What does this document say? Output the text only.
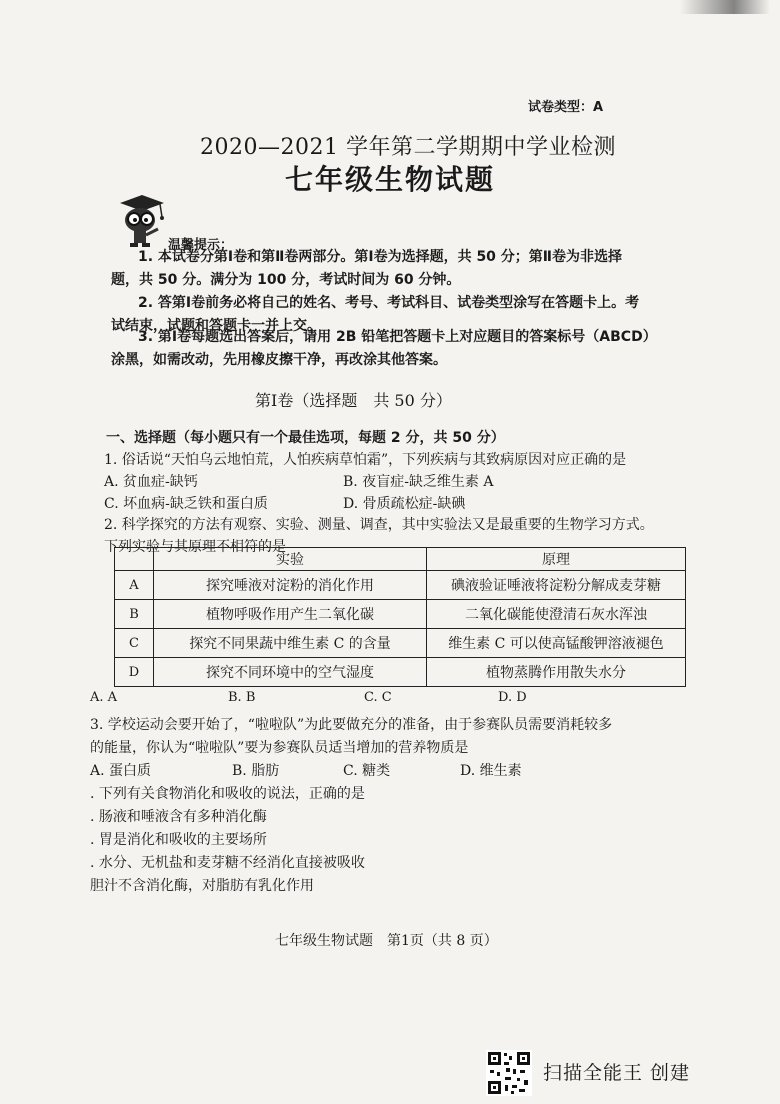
试卷类型：A
2020—2021 学年第二学期期中学业检测
七年级生物试题
温馨提示：
1. 本试卷分第Ⅰ卷和第Ⅱ卷两部分。第Ⅰ卷为选择题，共 50 分；第Ⅱ卷为非选择
题，共 50 分。满分为 100 分，考试时间为 60 分钟。
2. 答第Ⅰ卷前务必将自己的姓名、考号、考试科目、试卷类型涂写在答题卡上。考
试结束，试题和答题卡一并上交。
3. 第Ⅰ卷每题选出答案后，请用 2B 铅笔把答题卡上对应题目的答案标号（ABCD）
涂黑，如需改动，先用橡皮擦干净，再改涂其他答案。
第Ⅰ卷（选择题　共 50 分）
一、选择题（每小题只有一个最佳选项，每题 2 分，共 50 分）
1. 俗话说“天怕乌云地怕荒，人怕疾病草怕霜”，下列疾病与其致病原因对应正确的是
A. 贫血症-缺钙	B. 夜盲症-缺乏维生素 A
C. 坏血病-缺乏铁和蛋白质	D. 骨质疏松症-缺碘
2. 科学探究的方法有观察、实验、测量、调查，其中实验法又是最重要的生物学习方式。
下列实验与其原理不相符的是
	实验	原理
A	探究唾液对淀粉的消化作用	碘液验证唾液将淀粉分解成麦芽糖
B	植物呼吸作用产生二氧化碳	二氧化碳能使澄清石灰水浑浊
C	探究不同果蔬中维生素 C 的含量	维生素 C 可以使高锰酸钾溶液褪色
D	探究不同环境中的空气湿度	植物蒸腾作用散失水分
A. A	B. B	C. C	D. D
3. 学校运动会要开始了，“啦啦队”为此要做充分的准备，由于参赛队员需要消耗较多
的能量，你认为“啦啦队”要为参赛队员适当增加的营养物质是
A. 蛋白质	B. 脂肪	C. 糖类	D. 维生素
. 下列有关食物消化和吸收的说法，正确的是
. 肠液和唾液含有多种消化酶
. 胃是消化和吸收的主要场所
. 水分、无机盐和麦芽糖不经消化直接被吸收
胆汁不含消化酶，对脂肪有乳化作用
七年级生物试题　第1页（共 8 页）
扫描全能王 创建
